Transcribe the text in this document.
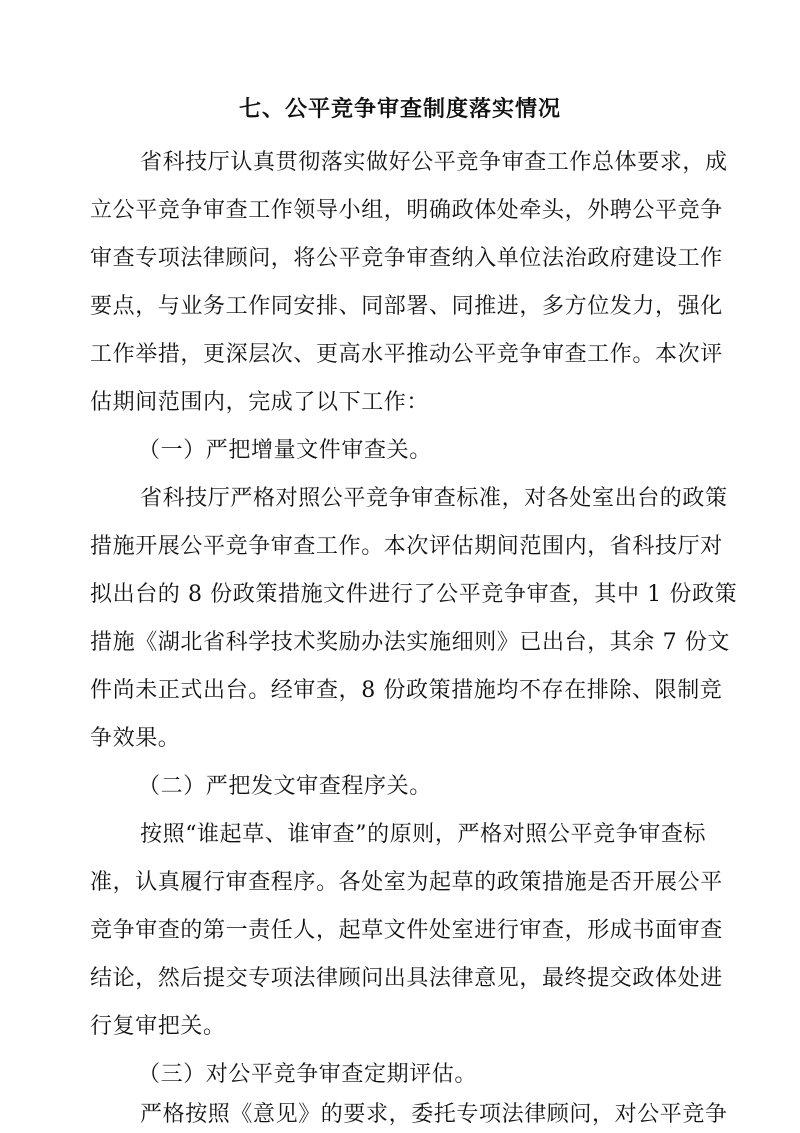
七、公平竞争审查制度落实情况
省科技厅认真贯彻落实做好公平竞争审查工作总体要求，成
立公平竞争审查工作领导小组，明确政体处牵头，外聘公平竞争
审查专项法律顾问，将公平竞争审查纳入单位法治政府建设工作
要点，与业务工作同安排、同部署、同推进，多方位发力，强化
工作举措，更深层次、更高水平推动公平竞争审查工作。本次评
估期间范围内，完成了以下工作：
（一）严把增量文件审查关。
省科技厅严格对照公平竞争审查标准，对各处室出台的政策
措施开展公平竞争审查工作。本次评估期间范围内，省科技厅对
拟出台的 8 份政策措施文件进行了公平竞争审查，其中 1 份政策
措施《湖北省科学技术奖励办法实施细则》已出台，其余 7 份文
件尚未正式出台。经审查，8 份政策措施均不存在排除、限制竞
争效果。
（二）严把发文审查程序关。
按照“谁起草、谁审查”的原则，严格对照公平竞争审查标
准，认真履行审查程序。各处室为起草的政策措施是否开展公平
竞争审查的第一责任人，起草文件处室进行审查，形成书面审查
结论，然后提交专项法律顾问出具法律意见，最终提交政体处进
行复审把关。
（三）对公平竞争审查定期评估。
严格按照《意见》的要求，委托专项法律顾问，对公平竞争
